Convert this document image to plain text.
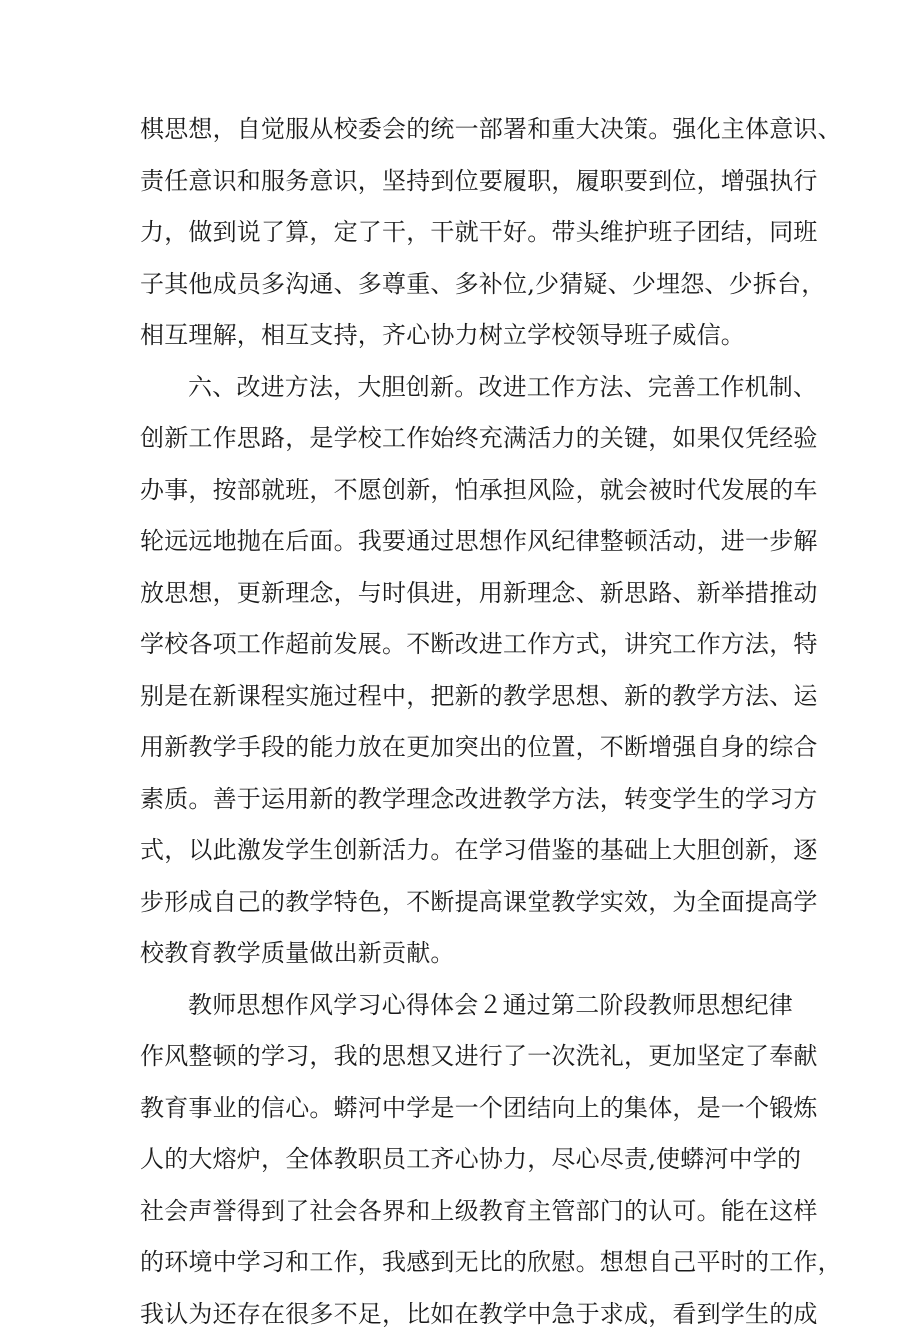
棋思想，自觉服从校委会的统一部署和重大决策。强化主体意识、
责任意识和服务意识，坚持到位要履职，履职要到位，增强执行
力，做到说了算，定了干，干就干好。带头维护班子团结，同班
子其他成员多沟通、多尊重、多补位,少猜疑、少埋怨、少拆台，
相互理解，相互支持，齐心协力树立学校领导班子威信。
六、改进方法，大胆创新。改进工作方法、完善工作机制、
创新工作思路，是学校工作始终充满活力的关键，如果仅凭经验
办事，按部就班，不愿创新，怕承担风险，就会被时代发展的车
轮远远地抛在后面。我要通过思想作风纪律整顿活动，进一步解
放思想，更新理念，与时俱进，用新理念、新思路、新举措推动
学校各项工作超前发展。不断改进工作方式，讲究工作方法，特
别是在新课程实施过程中，把新的教学思想、新的教学方法、运
用新教学手段的能力放在更加突出的位置，不断增强自身的综合
素质。善于运用新的教学理念改进教学方法，转变学生的学习方
式，以此激发学生创新活力。在学习借鉴的基础上大胆创新，逐
步形成自己的教学特色，不断提高课堂教学实效，为全面提高学
校教育教学质量做出新贡献。
教师思想作风学习心得体会２通过第二阶段教师思想纪律
作风整顿的学习，我的思想又进行了一次洗礼，更加坚定了奉献
教育事业的信心。蟒河中学是一个团结向上的集体，是一个锻炼
人的大熔炉，全体教职员工齐心协力，尽心尽责,使蟒河中学的
社会声誉得到了社会各界和上级教育主管部门的认可。能在这样
的环境中学习和工作，我感到无比的欣慰。想想自己平时的工作，
我认为还存在很多不足，比如在教学中急于求成，看到学生的成
